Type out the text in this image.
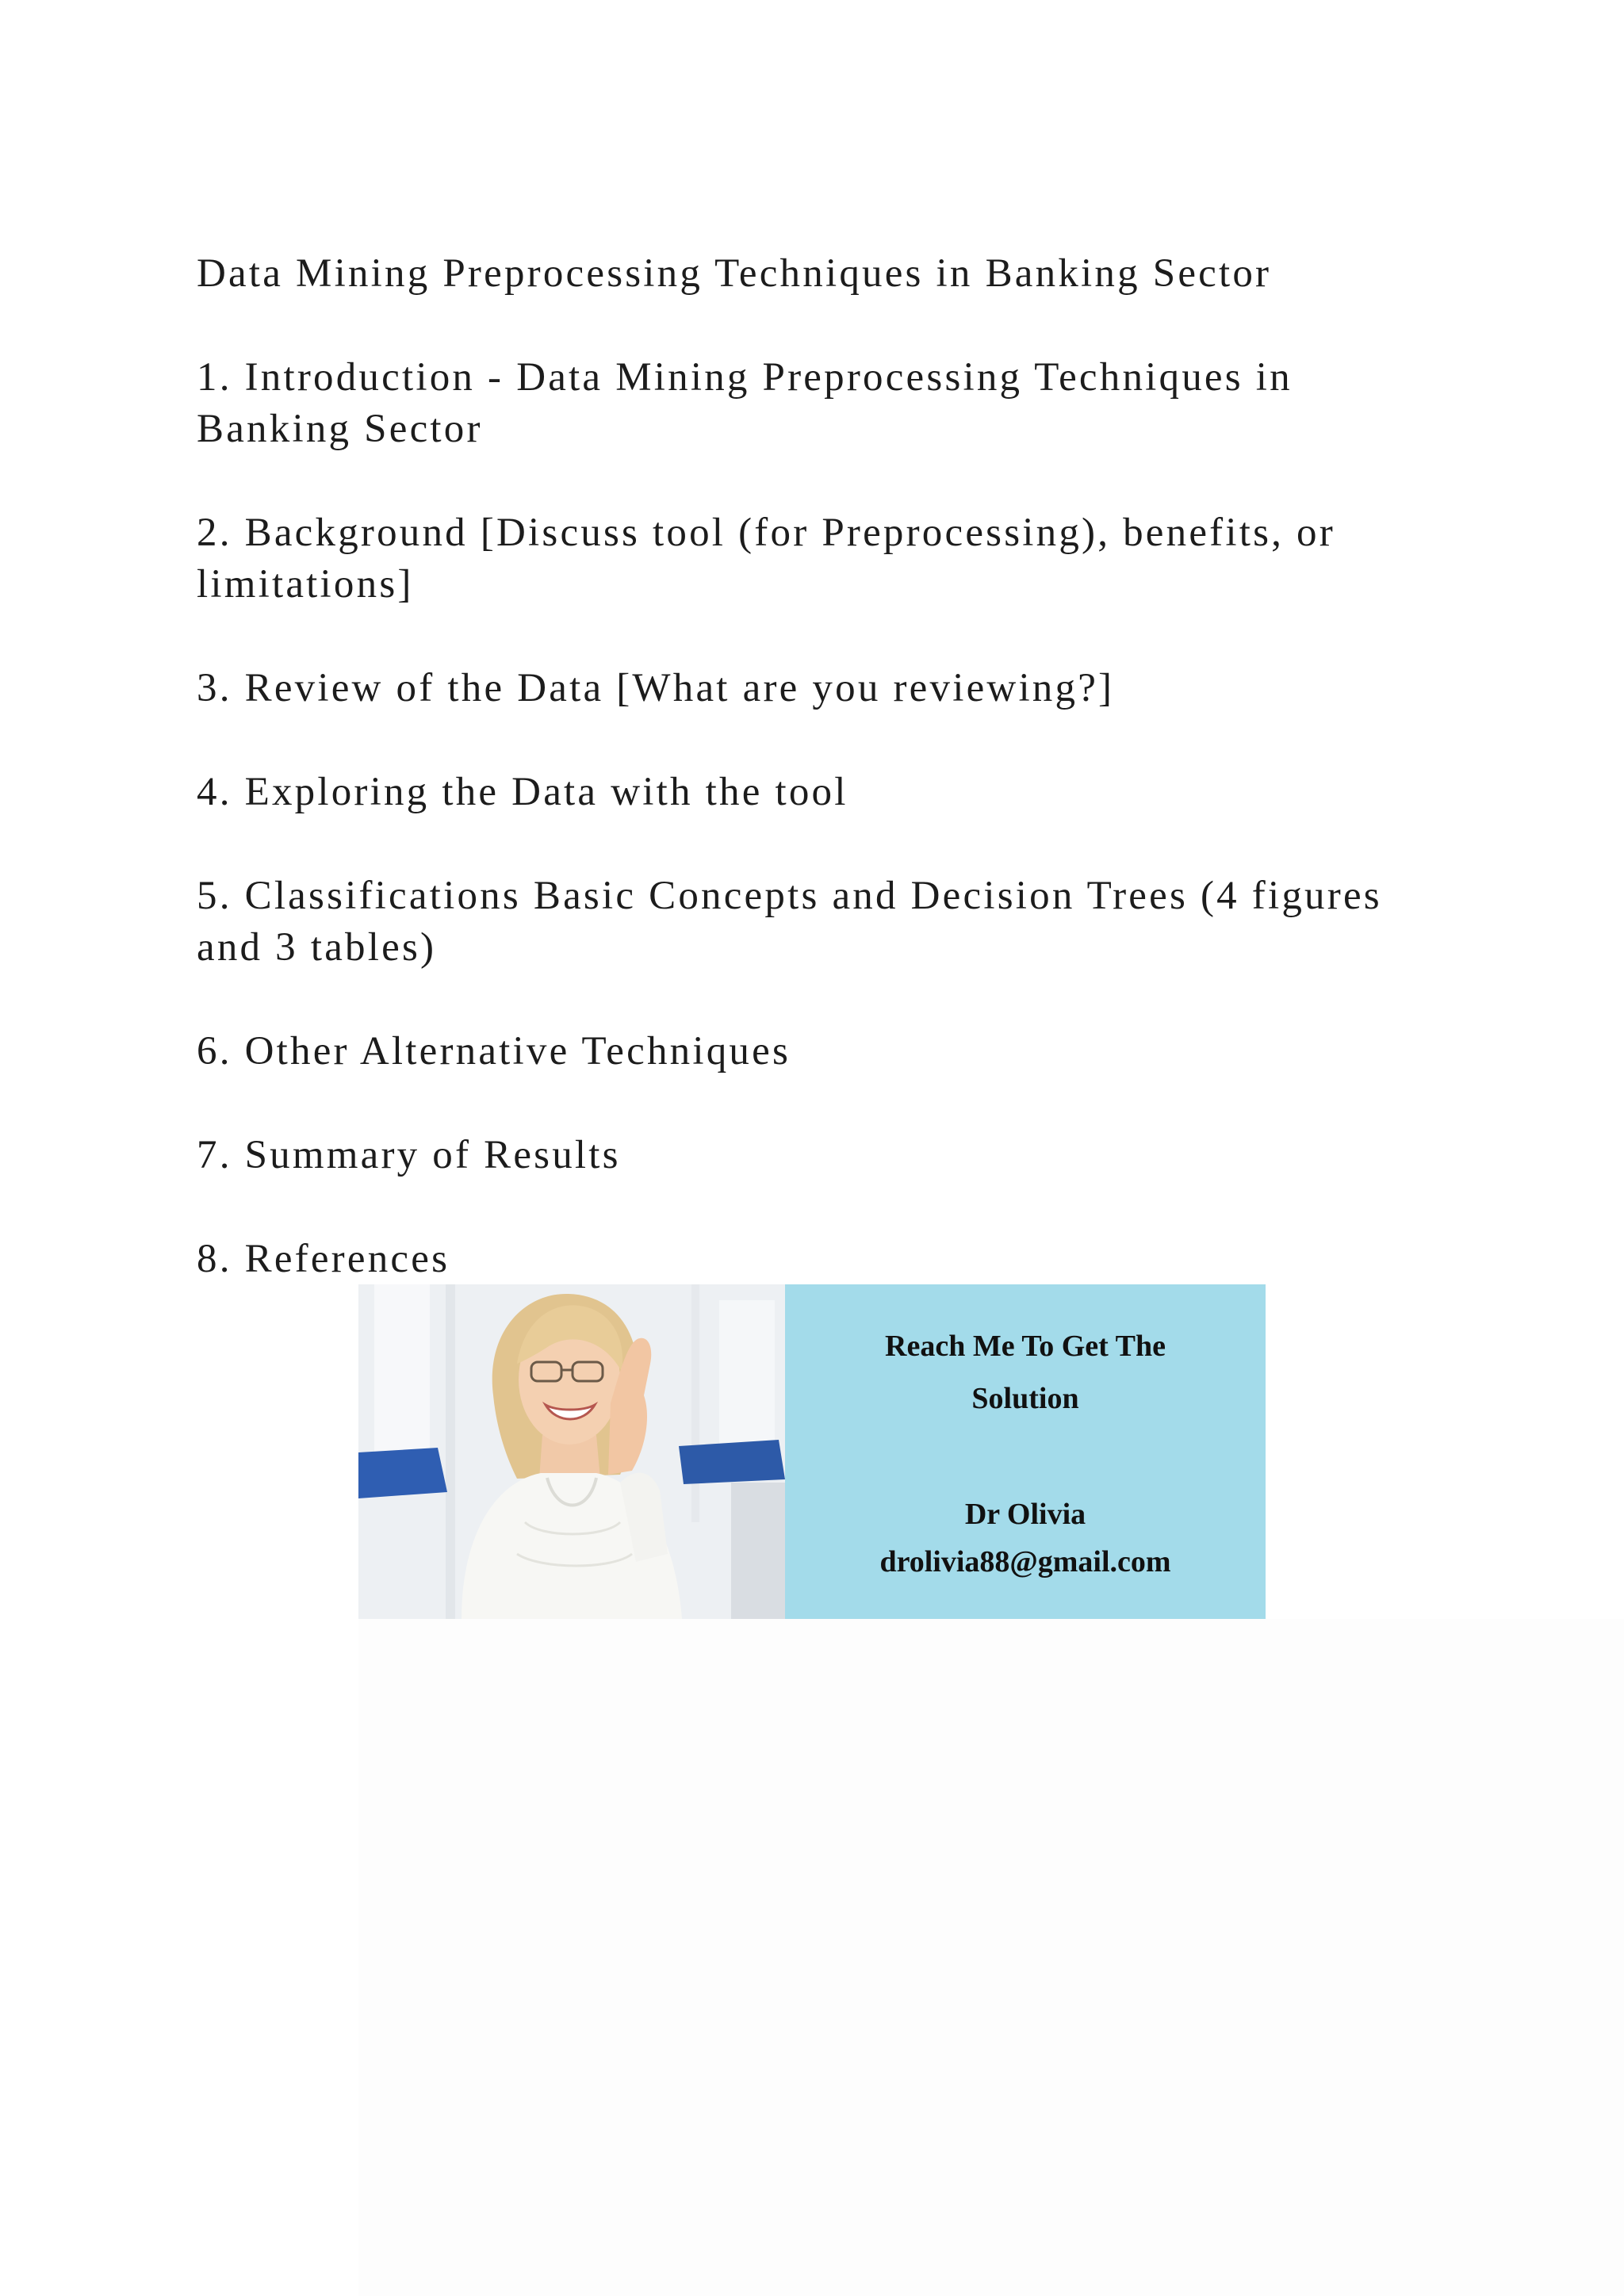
Data Mining Preprocessing Techniques in Banking Sector
1. Introduction - Data Mining Preprocessing Techniques in
Banking Sector
2. Background [Discuss tool (for Preprocessing), benefits, or
limitations]
3. Review of the Data [What are you reviewing?]
4. Exploring the Data with the tool
5. Classifications Basic Concepts and Decision Trees (4 figures
and 3 tables)
6. Other Alternative Techniques
7. Summary of Results
8. References
Reach Me To Get The
Solution
Dr Olivia
drolivia88@gmail.com
